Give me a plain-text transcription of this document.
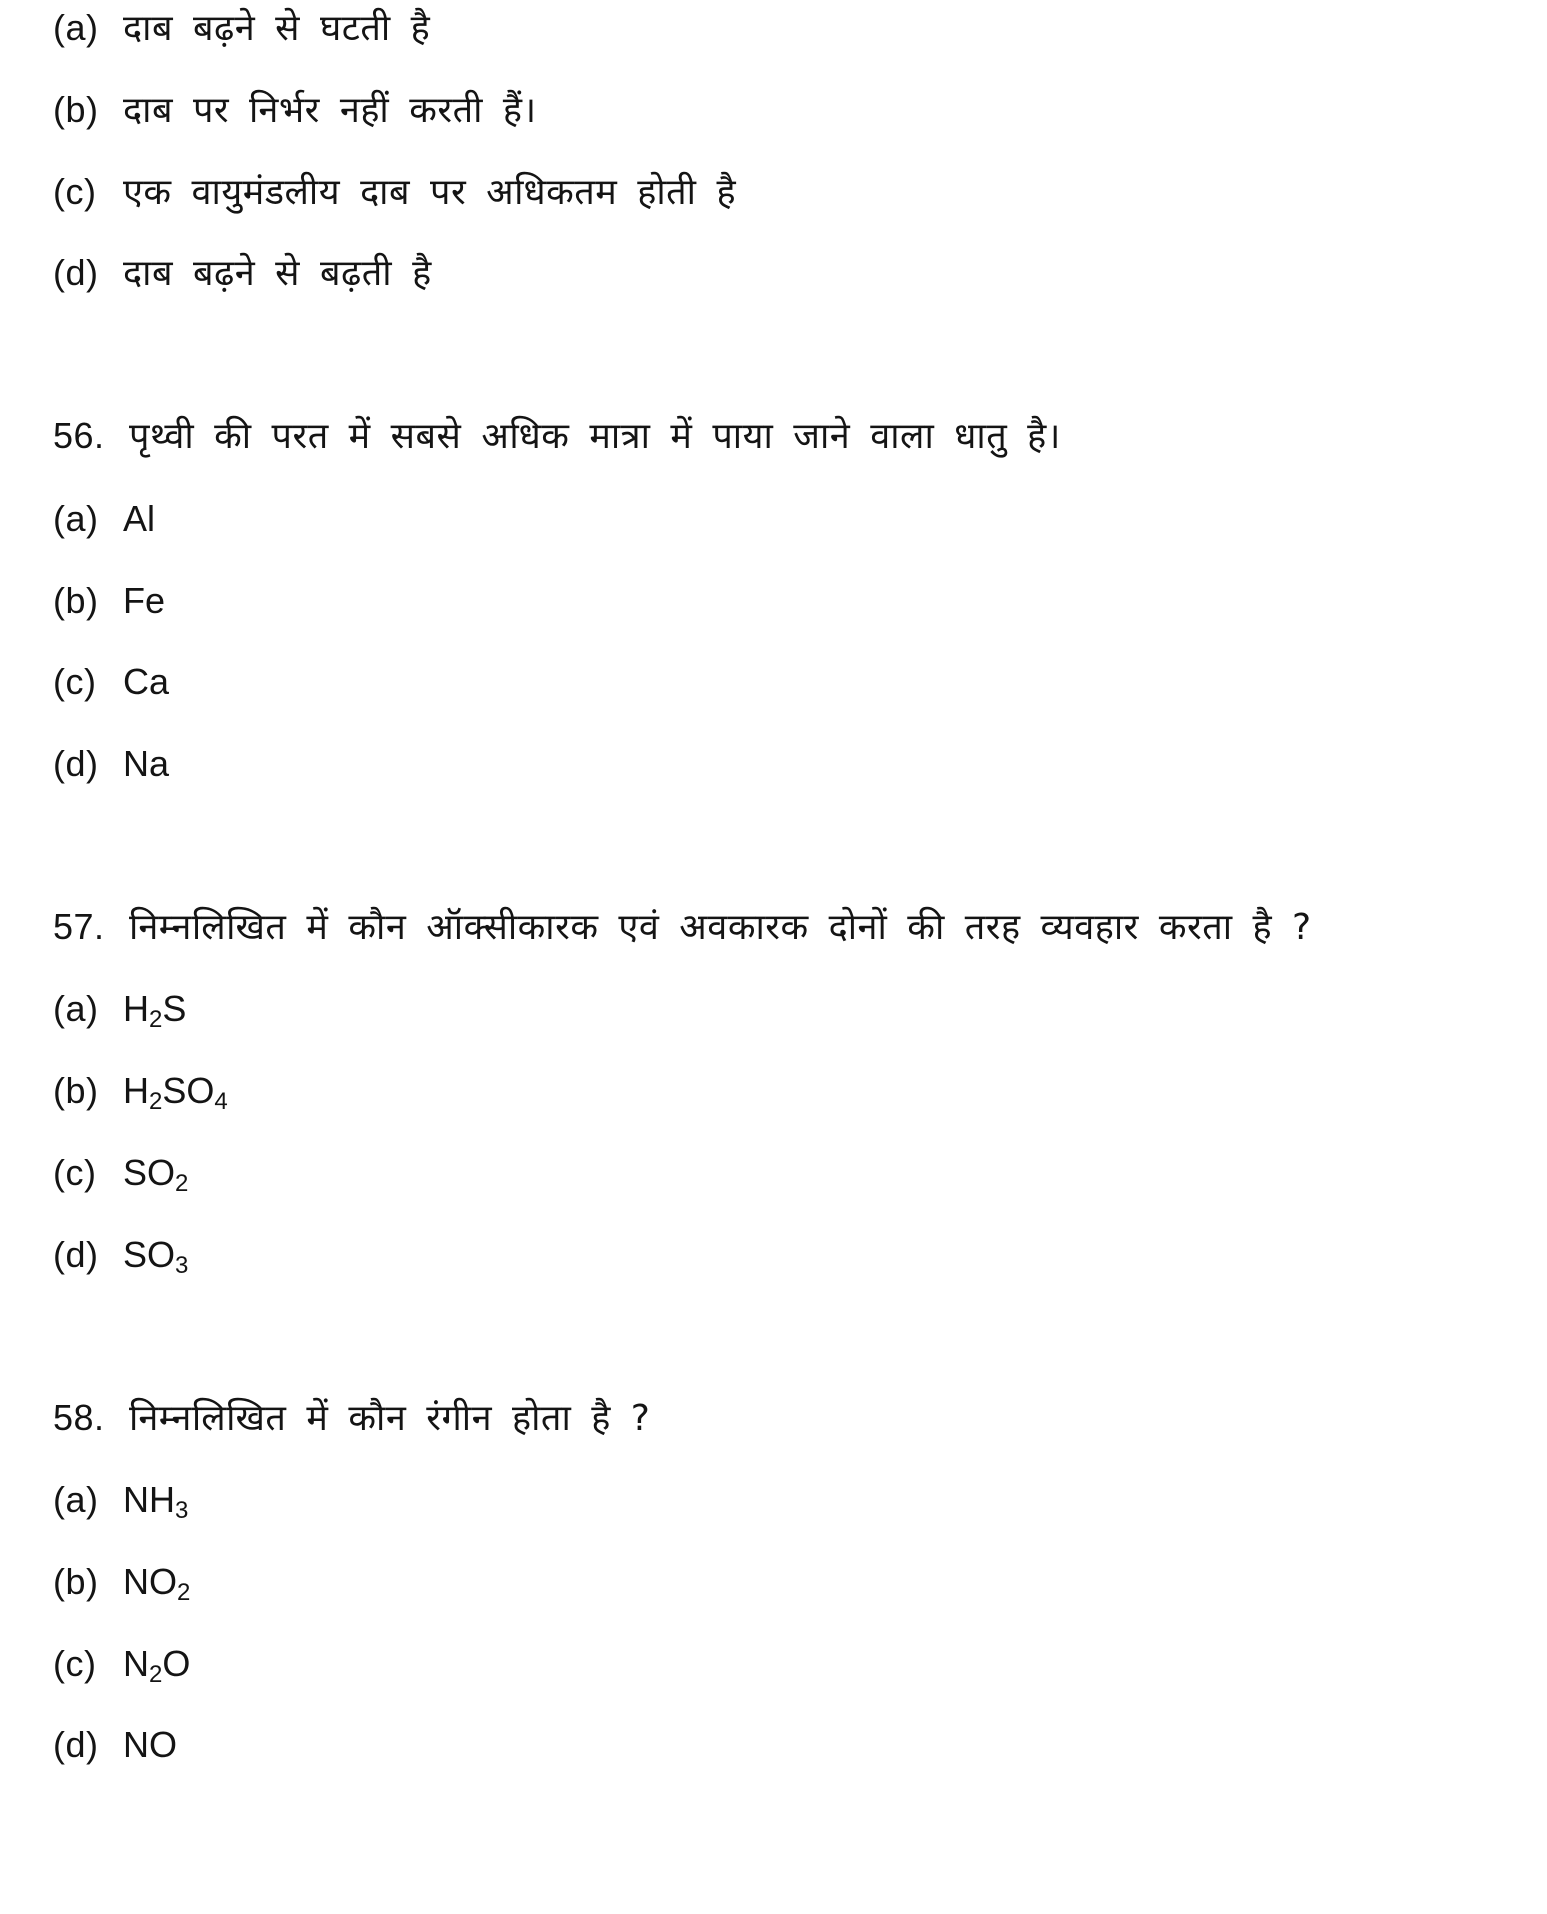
(a) दाब बढ़ने से घटती है
(b) दाब पर निर्भर नहीं करती हैं।
(c) एक वायुमंडलीय दाब पर अधिकतम होती है
(d) दाब बढ़ने से बढ़ती है
56. पृथ्वी की परत में सबसे अधिक मात्रा में पाया जाने वाला धातु है।
(a) Al
(b) Fe
(c) Ca
(d) Na
57. निम्नलिखित में कौन ऑक्सीकारक एवं अवकारक दोनों की तरह व्यवहार करता है ?
(a) $H_2S$
(b) $H_2SO_4$
(c) $SO_2$
(d) $SO_3$
58. निम्नलिखित में कौन रंगीन होता है ?
(a) $NH_3$
(b) $NO_2$
(c) $N_2O$
(d) NO
